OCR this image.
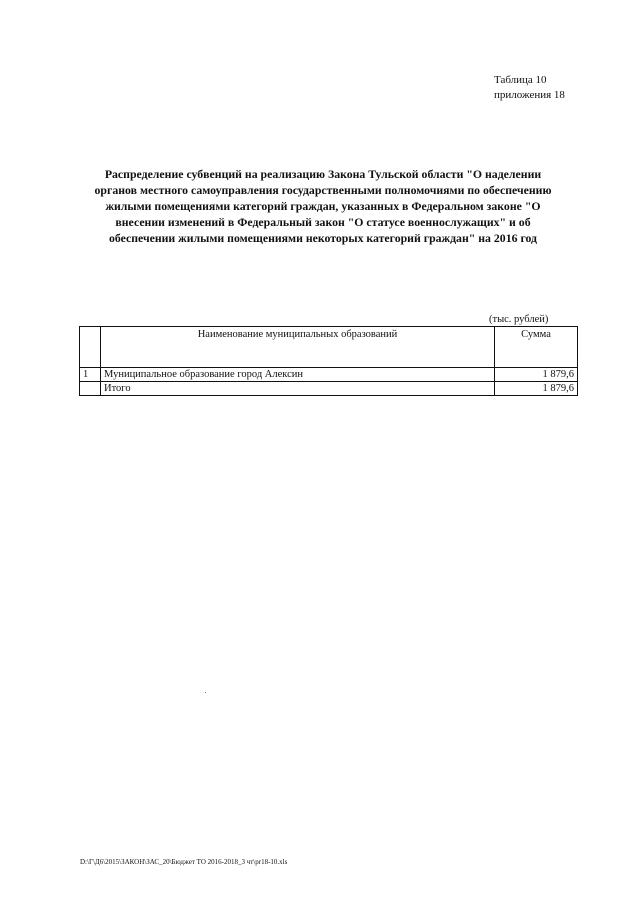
Таблица 10
приложения 18
Распределение субвенций на реализацию Закона Тульской области "О наделении
органов местного самоуправления государственными полномочиями по обеспечению
жилыми помещениями категорий граждан, указанных в Федеральном законе "О
внесении изменений в Федеральный закон "О статусе военнослужащих" и об
обеспечении жилыми помещениями некоторых категорий граждан" на 2016 год
(тыс. рублей)
	Наименование муниципальных образований	Сумма
1	Муниципальное образование город Алексин	1 879,6
	Итого	1 879,6
D:\Г\Д6\2015\ЗАКОН\ЗАС_20\Бюджет ТО 2016-2018_3 чт\pr18-10.xls
